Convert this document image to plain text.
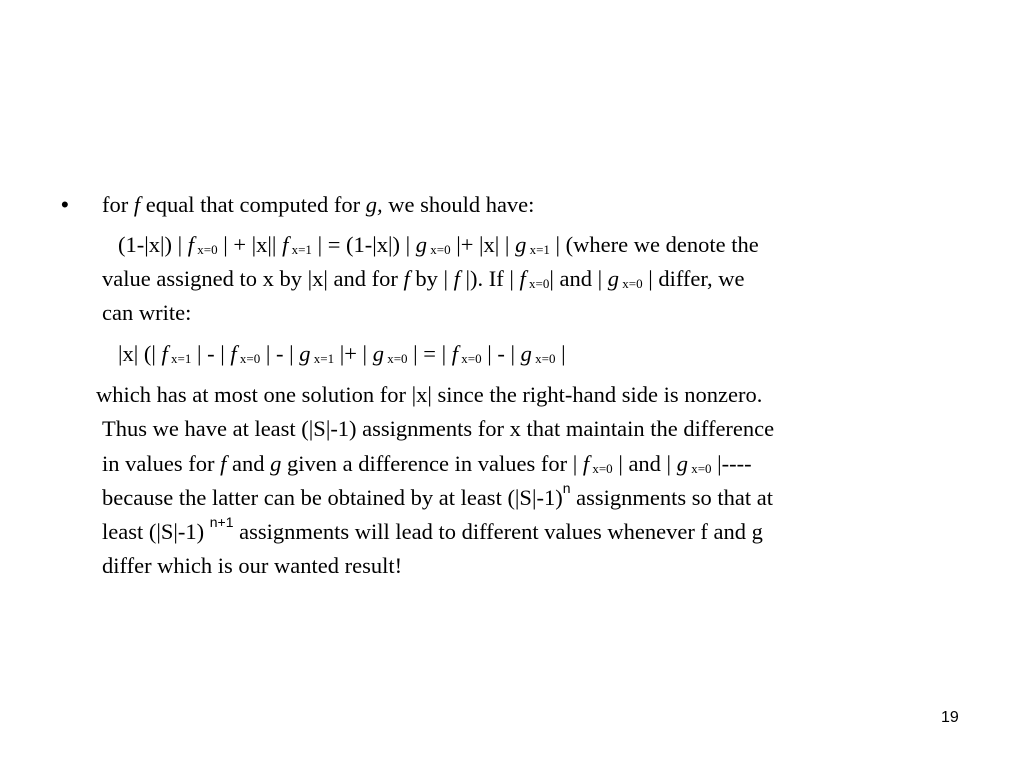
• for f equal that computed for g, we should have:
(1-|x|) | f x=0 | + |x|| f x=1 | = (1-|x|) | g x=0 |+ |x| | g x=1 | (where we denote the
value assigned to x by |x| and for f by | f |). If | f x=0| and | g x=0 | differ, we
can write:
|x| (| f x=1 | - | f x=0 | - | g x=1 |+ | g x=0 | = | f x=0 | - | g x=0 |
which has at most one solution for |x| since the right-hand side is nonzero.
Thus we have at least (|S|-1) assignments for x that maintain the difference
in values for f and g given a difference in values for | f x=0 | and | g x=0 |----
because the latter can be obtained by at least $(|S|-1)^n$ assignments so that at
least (|S|-1) $^{n+1}$ assignments will lead to different values whenever f and g
differ which is our wanted result!
19
